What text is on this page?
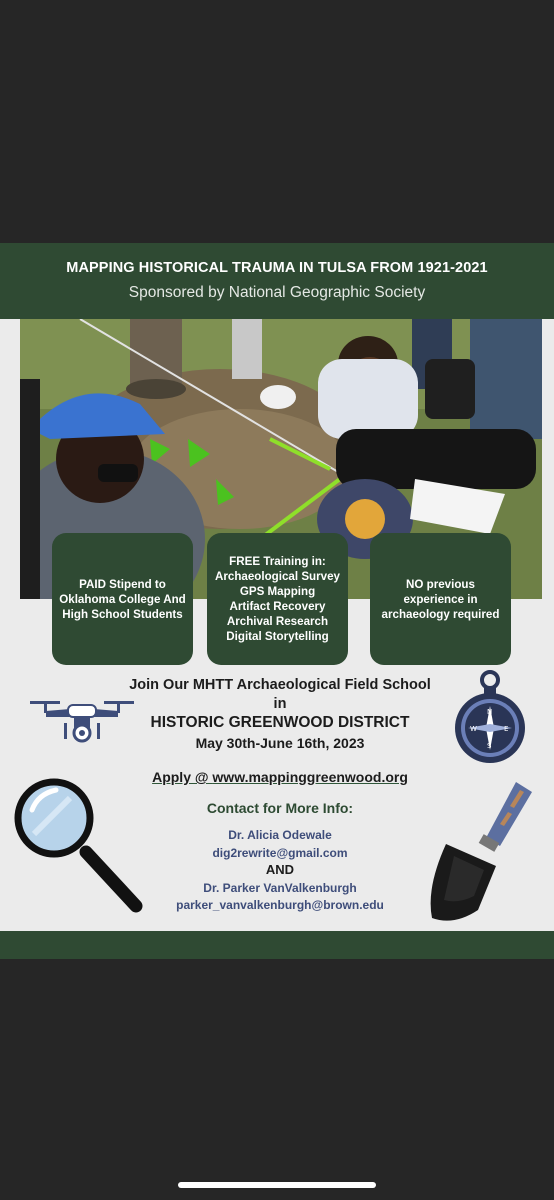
MAPPING HISTORICAL TRAUMA IN TULSA FROM 1921-2021
Sponsored by National Geographic Society
PAID Stipend to
Oklahoma College And
High School Students
FREE Training in:
Archaeological Survey
GPS Mapping
Artifact Recovery
Archival Research
Digital Storytelling
NO previous
experience in
archaeology required
Join Our MHTT Archaeological Field School
in
HISTORIC GREENWOOD DISTRICT
May 30th-June 16th, 2023
Apply @ www.mappinggreenwood.org
Contact for More Info:
Dr. Alicia Odewale
dig2rewrite@gmail.com
AND
Dr. Parker VanValkenburgh
parker_vanvalkenburgh@brown.edu
N
E
S
W
